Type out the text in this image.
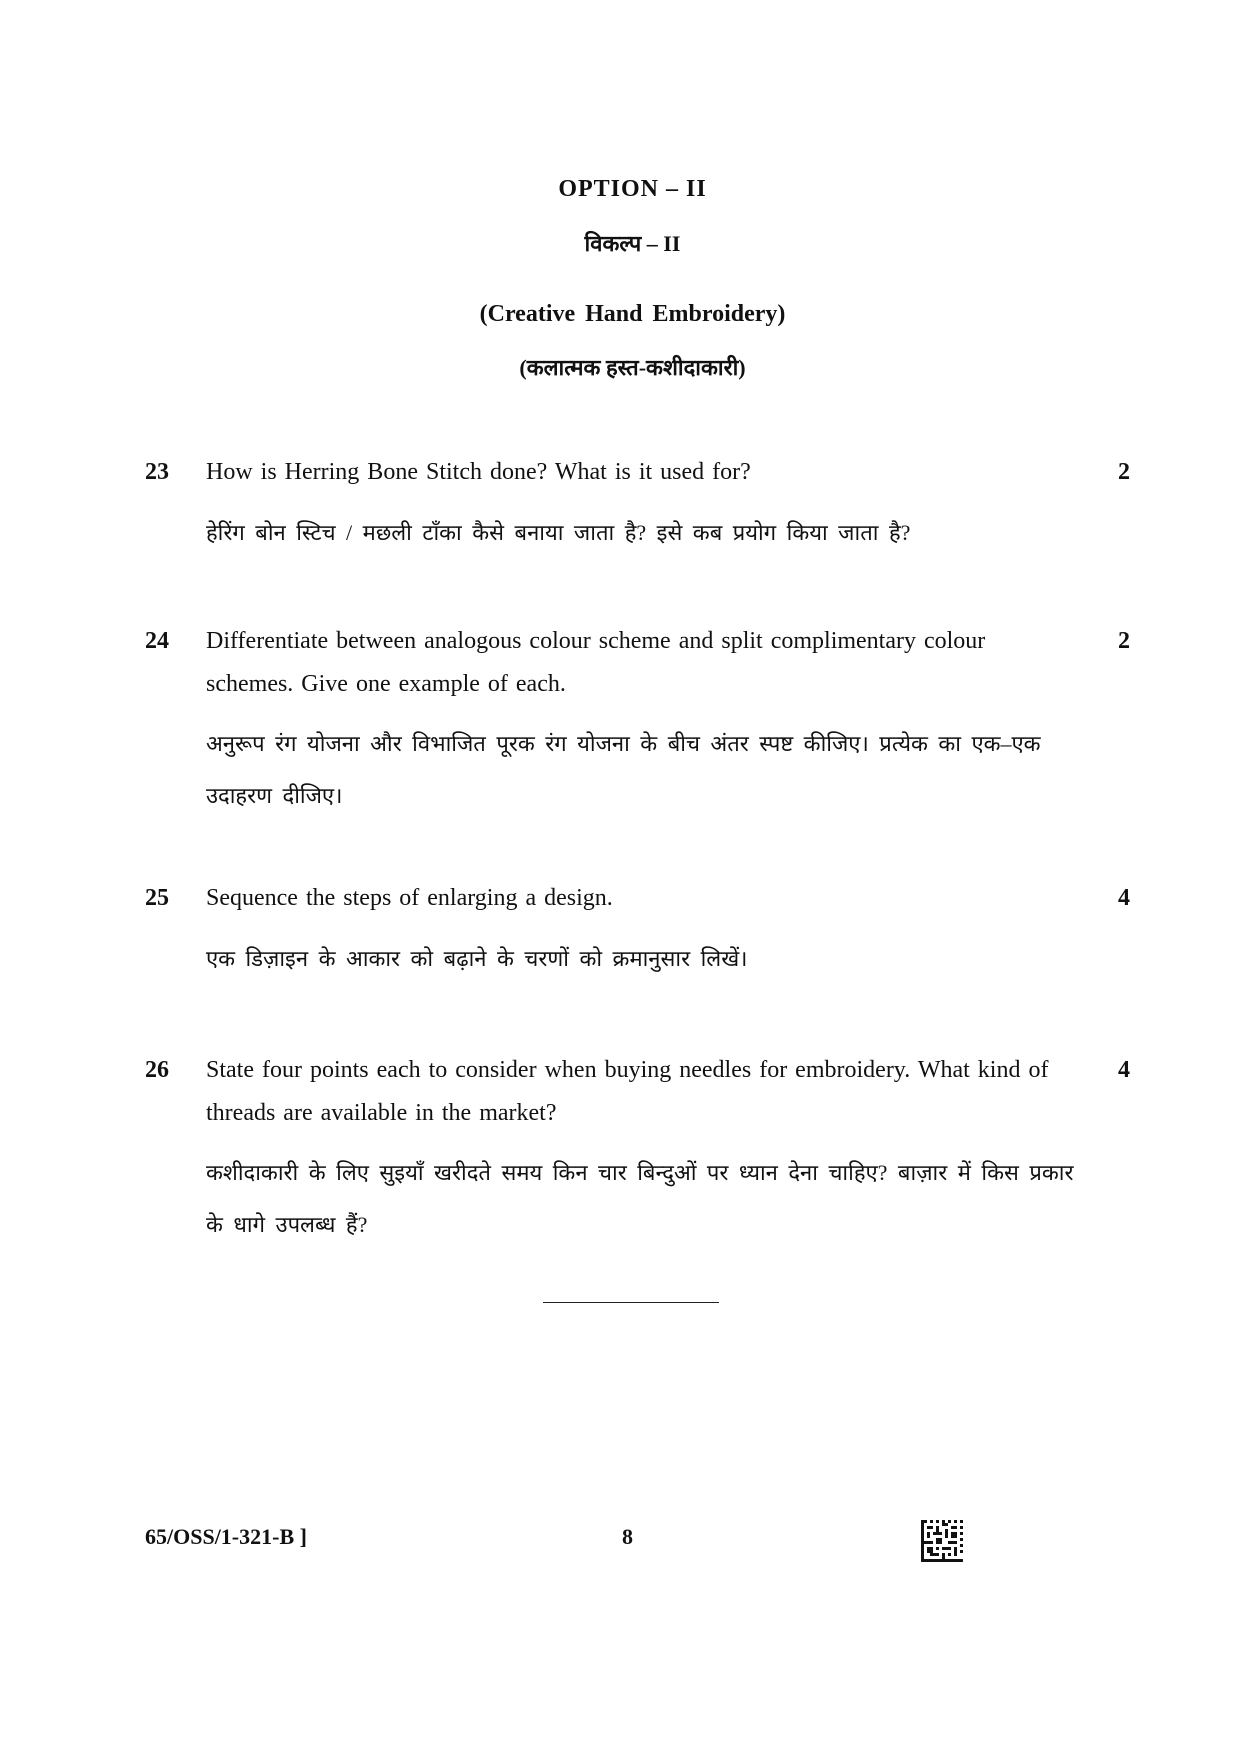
OPTION – II
विकल्प – II
(Creative Hand Embroidery)
(कलात्मक हस्त-कशीदाकारी)
23 How is Herring Bone Stitch done? What is it used for?
हेरिंग बोन स्टिच / मछली टाँका कैसे बनाया जाता है? इसे कब प्रयोग किया जाता है?
2
24 Differentiate between analogous colour scheme and split complimentary colour schemes. Give one example of each.
अनुरूप रंग योजना और विभाजित पूरक रंग योजना के बीच अंतर स्पष्ट कीजिए। प्रत्येक का एक–एक उदाहरण दीजिए।
2
25 Sequence the steps of enlarging a design.
एक डिज़ाइन के आकार को बढ़ाने के चरणों को क्रमानुसार लिखें।
4
26 State four points each to consider when buying needles for embroidery. What kind of threads are available in the market?
कशीदाकारी के लिए सुइयाँ खरीदते समय किन चार बिन्दुओं पर ध्यान देना चाहिए? बाज़ार में किस प्रकार के धागे उपलब्ध हैं?
4
65/OSS/1-321-B ]	8
